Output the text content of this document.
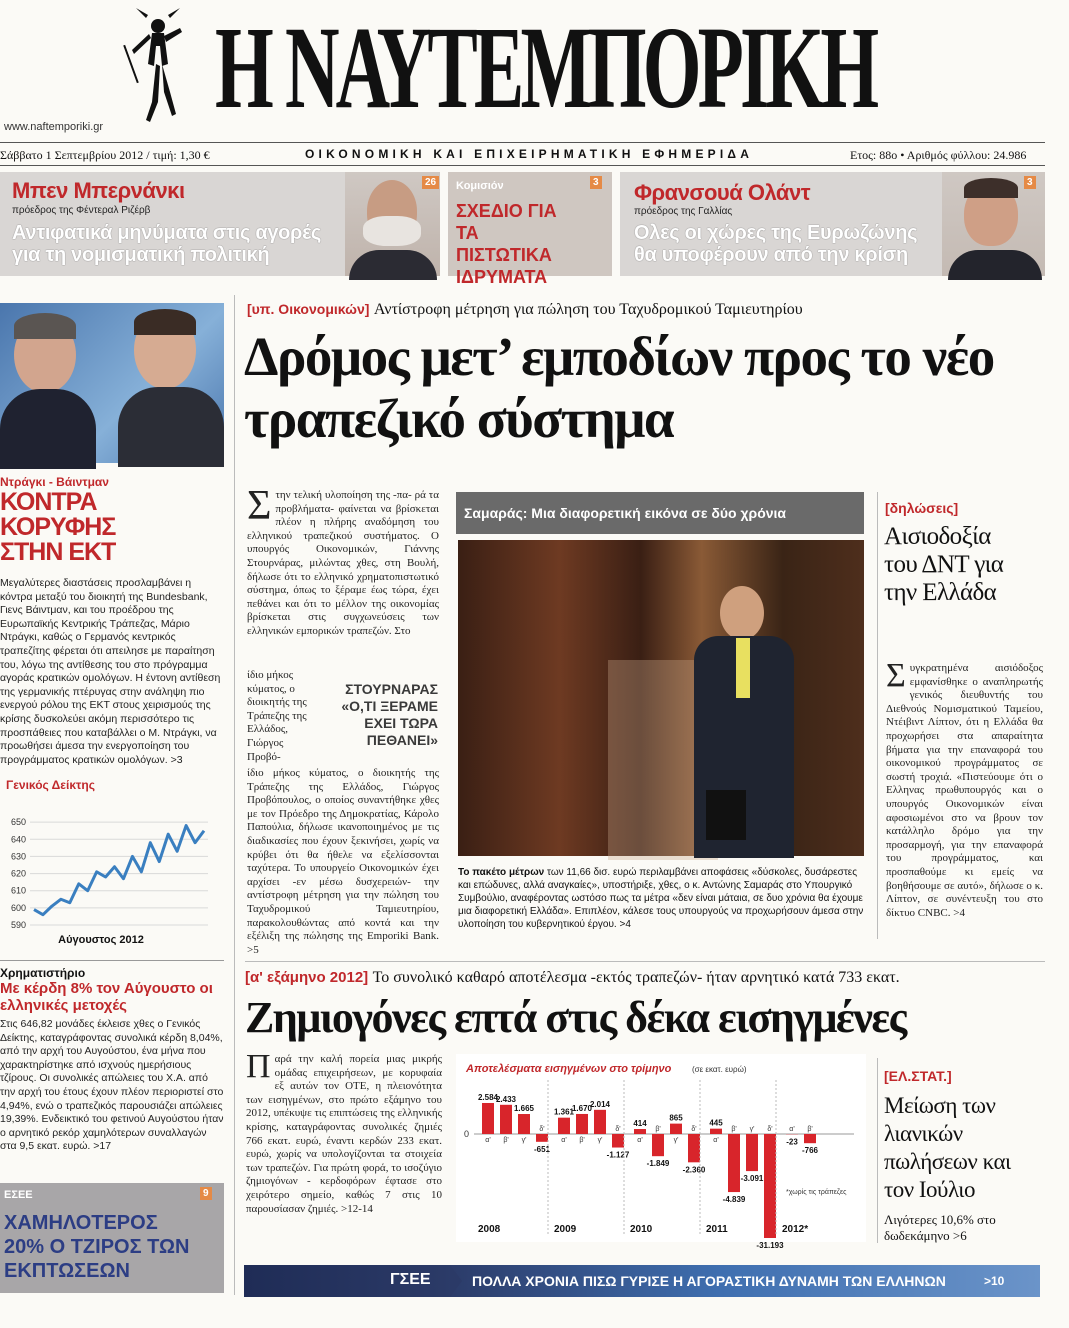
Η ΝΑΥΤΕΜΠΟΡΙΚΗ
www.naftemporiki.gr
Σάββατο 1 Σεπτεμβρίου 2012 / τιμή: 1,30 €	ΟΙΚΟΝΟΜΙΚΗ ΚΑΙ ΕΠΙΧΕΙΡΗΜΑΤΙΚΗ ΕΦΗΜΕΡΙΔΑ	Ετος: 88ο • Αριθμός φύλλου: 24.986
Μπεν Μπερνάνκι
πρόεδρος της Φέντεραλ Ριζέρβ
Αντιφατικά μηνύματα στις αγορές για τη νομισματική πολιτική
26 Κομισιόν
ΣΧΕΔΙΟ ΓΙΑ ΤΑ ΠΙΣΤΩΤΙΚΑ ΙΔΡΥΜΑΤΑ
3 Φρανσουά Ολάντ
πρόεδρος της Γαλλίας
Ολες οι χώρες της Ευρωζώνης θα υποφέρουν από την κρίση
3
Ντράγκι - Βάιντμαν
ΚΟΝΤΡΑ ΚΟΡΥΦΗΣ ΣΤΗΝ ΕΚΤ
Μεγαλύτερες διαστάσεις προσλαμβάνει η κόντρα μεταξύ του διοικητή της Bundesbank, Γιενς Βάιντμαν, και του προέδρου της Ευρωπαϊκής Κεντρικής Τράπεζας, Μάριο Ντράγκι, καθώς ο Γερμανός κεντρικός τραπεζίτης φέρεται ότι απειλησε με παραίτηση του, λόγω της αντίθεσης του στο πρόγραμμα αγοράς κρατικών ομολόγων. Η έντονη αντίθεση της γερμανικής πτέρυγας στην ανάληψη πιο ενεργού ρόλου της ΕΚΤ στους χειρισμούς της κρίσης δυσκολεύει ακόμη περισσότερο τις προσπάθειες που καταβάλλει ο Μ. Ντράγκι, να προωθήσει άμεσα την ενεργοποίηση του προγράμματος κρατικών ομολόγων. >3
Γενικός Δείκτης
590
600
610
620
630
640
650
Αύγουστος 2012
Χρηματιστήριο
Με κέρδη 8% τον Αύγουστο οι ελληνικές μετοχές
Στις 646,82 μονάδες έκλεισε χθες ο Γενικός Δείκτης, καταγράφοντας συνολικά κέρδη 8,04%, από την αρχή του Αυγούστου, ένα μήνα που χαρακτηρίστηκε από ισχνούς ημερήσιους τζίρους. Οι συνολικές απώλειες του Χ.Α. από την αρχή του έτους έχουν πλέον περιοριστεί στο 4,94%, ενώ ο τραπεζικός παρουσιάζει απώλειες 19,39%. Ενδεικτικό του φετινού Αυγούστου ήταν ο αρνητικό ρεκόρ χαμηλότερων συναλλαγών στα 9,5 εκατ. ευρώ. >17
ΕΣΕΕ	9
ΧΑΜΗΛΟΤΕΡΟΣ 20% Ο ΤΖΙΡΟΣ ΤΩΝ ΕΚΠΤΩΣΕΩΝ
[υπ. Οικονομικών] Αντίστροφη μέτρηση για πώληση του Ταχυδρομικού Ταμιευτηρίου
Δρόμος μετ’ εμποδίων προς το νέο τραπεζικό σύστημα
Στην τελική υλοποίηση της -πα- ρά τα προβλήματα- φαίνεται να βρίσκεται πλέον η πλήρης αναδόμηση του ελληνικού τραπεζικού συστήματος. Ο υπουργός Οικονομικών, Γιάννης Στουρνάρας, μιλώντας χθες, στη Βουλή, δήλωσε ότι το ελληνικό χρηματοπιστωτικό σύστημα, όπως το ξέραμε έως τώρα, έχει πεθάνει και ότι το μέλλον της οικονομίας βρίσκεται στις συγχωνεύσεις των ελληνικών εμπορικών τραπεζών. Στο
ίδιο μήκος κύματος, ο διοικητής της Τράπεζης της Ελλάδος, Γιώργος Προβό-
ίδιο μήκος κύματος, ο διοικητής της Τράπεζης της Ελλάδος, Γιώργος Προβόπουλος, ο οποίος συναντήθηκε χθες με τον Πρόεδρο της Δημοκρατίας, Κάρολο Παπούλια, δήλωσε ικανοποιημένος με τις διαδικασίες που έχουν ξεκινήσει, χωρίς να κρύβει ότι θα ήθελε να εξελίσσονται ταχύτερα. Το υπουργείο Οικονομικών έχει αρχίσει -εν μέσω δυσχερειών- την αντίστροφη μέτρηση για την πώληση του Ταχυδρομικού Ταμιευτηρίου, παρακολουθώντας από κοντά και την εξέλιξη της πώλησης της Emporiki Bank. >5
ΣΤΟΥΡΝΑΡΑΣ «Ο,ΤΙ ΞΕΡΑΜΕ ΕΧΕΙ ΤΩΡΑ ΠΕΘΑΝΕΙ»
Σαμαράς: Μια διαφορετική εικόνα σε δύο χρόνια
Το πακέτο μέτρων των 11,66 δισ. ευρώ περιλαμβάνει αποφάσεις «δύσκολες, δυσάρεστες και επώδυνες, αλλά αναγκαίες», υποστήριξε, χθες, ο κ. Αντώνης Σαμαράς στο Υπουργικό Συμβούλιο, αναφέροντας ωστόσο πως τα μέτρα «δεν είναι μάταια, σε δυο χρόνια θα έχουμε μια διαφορετική Ελλάδα». Επιπλέον, κάλεσε τους υπουργούς να προχωρήσουν άμεσα στην υλοποίηση του κυβερνητικού έργου. >4
[δηλώσεις]
Αισιοδοξία του ΔΝΤ για την Ελλάδα
Συγκρατημένα αισιόδοξος εμφανίσθηκε ο αναπληρωτής γενικός διευθυντής του Διεθνούς Νομισματικού Ταμείου, Ντέιβιντ Λίπτον, ότι η Ελλάδα θα προχωρήσει στα απαραίτητα βήματα για την επαναφορά του οικονομικού προγράμματος σε σωστή τροχιά. «Πιστεύουμε ότι ο Ελληνας πρωθυπουργός και ο υπουργός Οικονομικών είναι αφοσιωμένοι στο να βρουν τον κατάλληλο δρόμο για την προσαρμογή, για την επαναφορά του προγράμματος, και προσπαθούμε κι εμείς να βοηθήσουμε σε αυτό», δήλωσε ο κ. Λίπτον, σε συνέντευξη του στο δίκτυο CNBC. >4
[α' εξάμηνο 2012] Το συνολικό καθαρό αποτέλεσμα -εκτός τραπεζών- ήταν αρνητικό κατά 733 εκατ.
Ζημιογόνες επτά στις δέκα εισηγμένες
Παρά την καλή πορεία μιας μικρής ομάδας επιχειρήσεων, με κορυφαία εξ αυτών τον ΟΤΕ, η πλειονότητα των εισηγμένων, στο πρώτο εξάμηνο του 2012, υπέκυψε τις επιπτώσεις της ελληνικής κρίσης, καταγράφοντας συνολικές ζημιές 766 εκατ. ευρώ, έναντι κερδών 233 εκατ. ευρώ, χωρίς να υπολογίζονται τα στοιχεία των τραπεζών. Για πρώτη φορά, το ισοζύγιο ζημιογόνων - κερδοφόρων έφτασε στο χειρότερο σημείο, καθώς 7 στις 10 παρουσίασαν ζημιές. >12-14
Αποτελέσματα εισηγμένων στο τρίμηνο	(σε εκατ. ευρώ)
0
α'
2.584
β'
2.433
γ'
1.665
δ'
-651
2008
α'
1.361
β'
1.670
γ'
2.014
δ'
-1.127
2009
α'
414
β'
-1.849
γ'
865
δ'
-2.360
2010
α'
445
β'
-4.839
γ'
-3.091
δ'
-31.193
2011
α'
-23
β'
-766
2012*
*χωρίς τις τράπεζες
[ΕΛ.ΣΤΑΤ.]
Μείωση των λιανικών πωλήσεων και τον Ιούλιο
Λιγότερες 10,6% στο δωδεκάμηνο >6
ΓΣΕΕ	ΠΟΛΛΑ ΧΡΟΝΙΑ ΠΙΣΩ ΓΥΡΙΣΕ Η ΑΓΟΡΑΣΤΙΚΗ ΔΥΝΑΜΗ ΤΩΝ ΕΛΛΗΝΩΝ	>10
